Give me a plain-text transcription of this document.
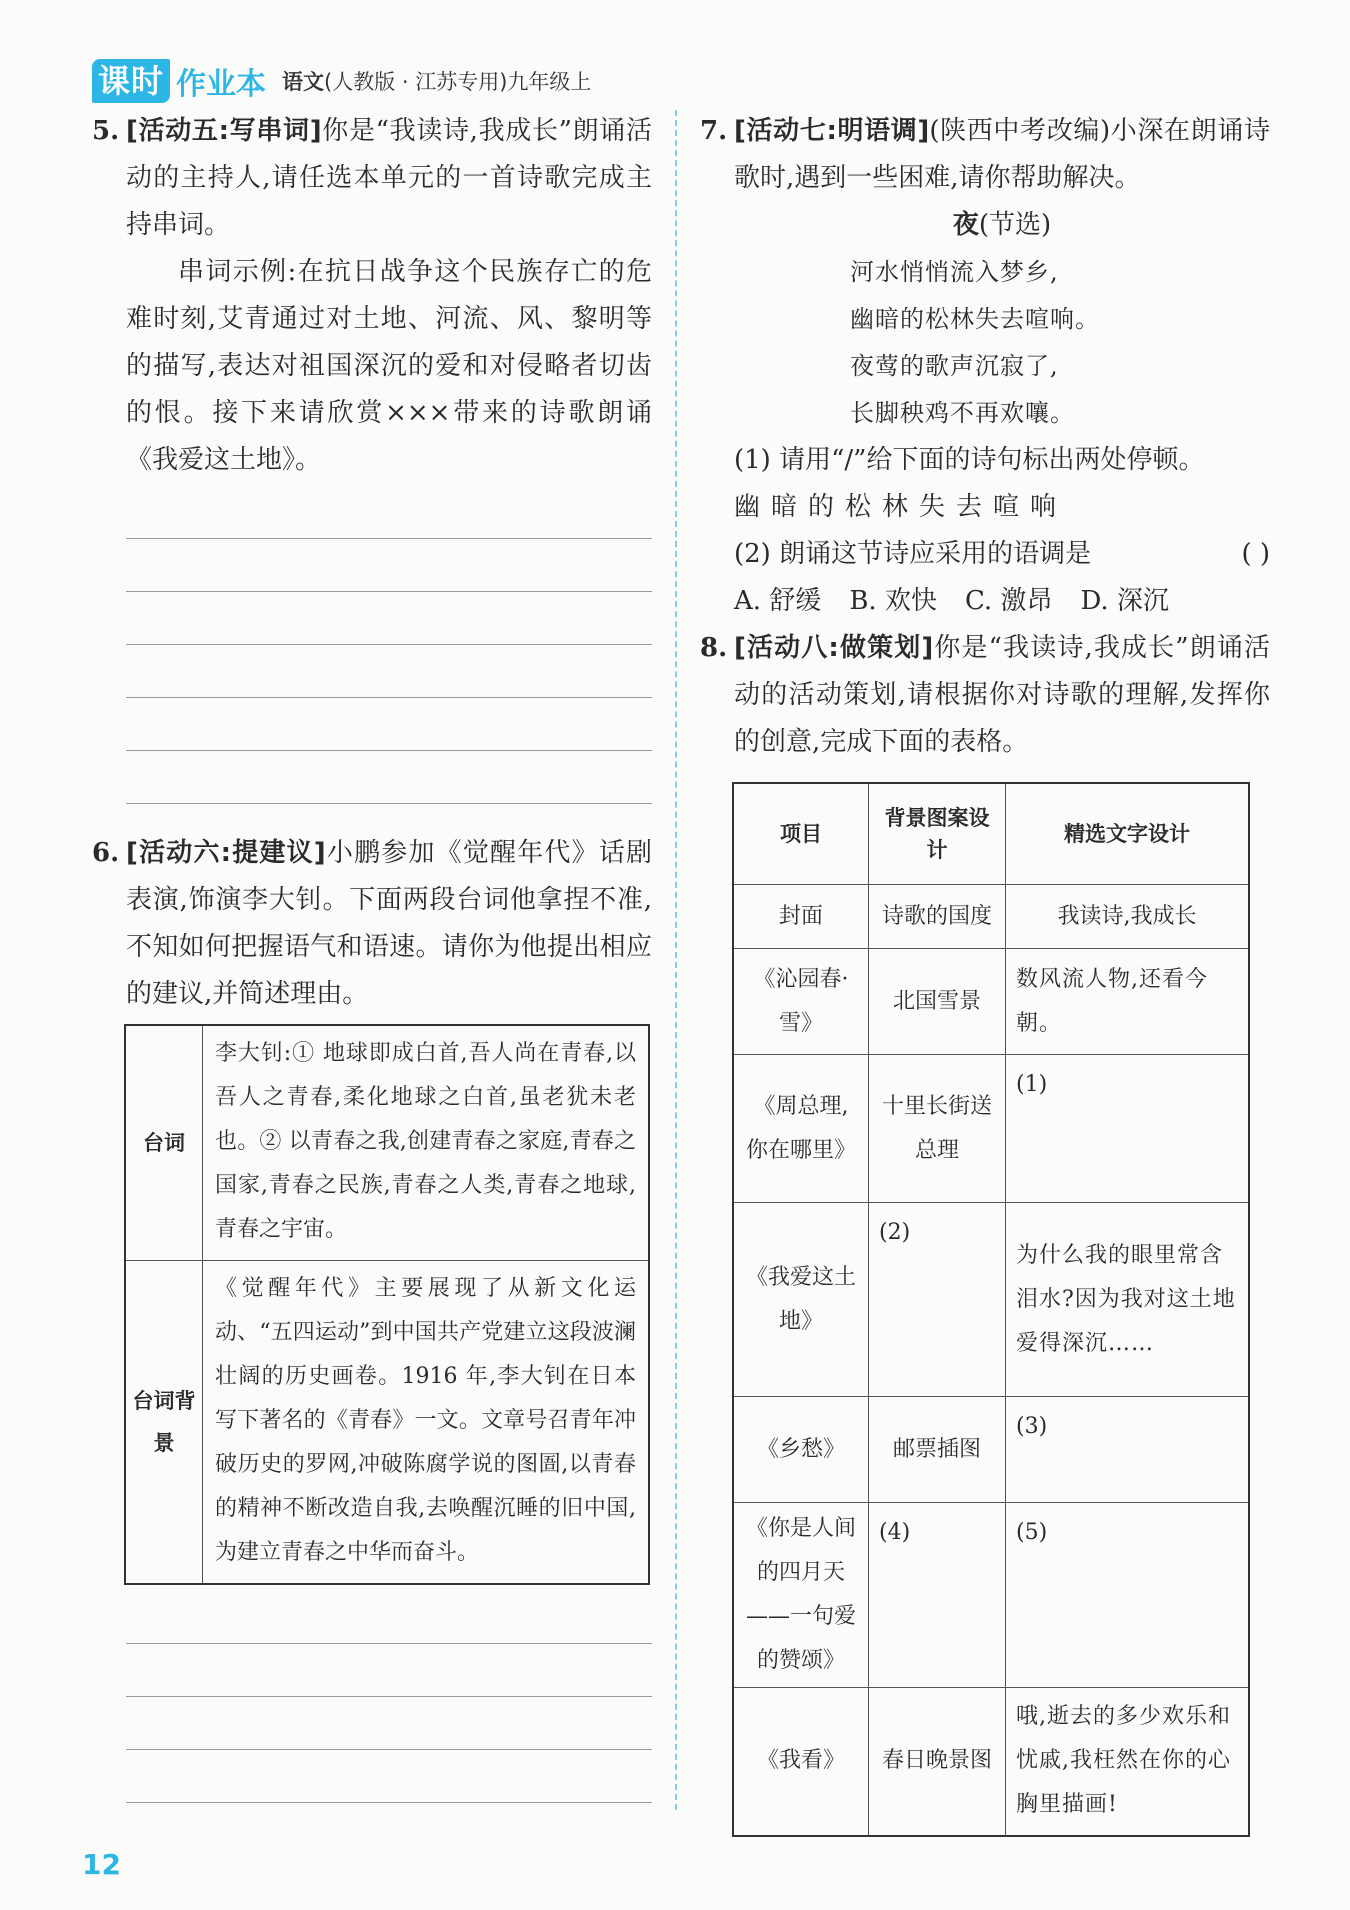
课时 作业本 语文(人教版 · 江苏专用)九年级上
5. [活动五:写串词]你是“我读诗,我成长”朗诵活动的主持人,请任选本单元的一首诗歌完成主持串词。
串词示例:在抗日战争这个民族存亡的危难时刻,艾青通过对土地、河流、风、黎明等的描写,表达对祖国深沉的爱和对侵略者切齿的恨。接下来请欣赏×××带来的诗歌朗诵《我爱这土地》。
6. [活动六:提建议]小鹏参加《觉醒年代》话剧表演,饰演李大钊。下面两段台词他拿捏不准,不知如何把握语气和语速。请你为他提出相应的建议,并简述理由。
台词	李大钊:① 地球即成白首,吾人尚在青春,以吾人之青春,柔化地球之白首,虽老犹未老也。② 以青春之我,创建青春之家庭,青春之国家,青春之民族,青春之人类,青春之地球,青春之宇宙。
台词背景	《觉醒年代》主要展现了从新文化运动、“五四运动”到中国共产党建立这段波澜壮阔的历史画卷。1916 年,李大钊在日本写下著名的《青春》一文。文章号召青年冲破历史的罗网,冲破陈腐学说的图圄,以青春的精神不断改造自我,去唤醒沉睡的旧中国,为建立青春之中华而奋斗。
7. [活动七:明语调](陕西中考改编)小深在朗诵诗歌时,遇到一些困难,请你帮助解决。
夜(节选)
河水悄悄流入梦乡,
幽暗的松林失去喧响。
夜莺的歌声沉寂了,
长脚秧鸡不再欢嚷。
(1) 请用“/”给下面的诗句标出两处停顿。
幽暗的松林失去喧响
(2) 朗诵这节诗应采用的语调是	( )
A. 舒缓 B. 欢快 C. 激昂 D. 深沉
8. [活动八:做策划]你是“我读诗,我成长”朗诵活动的活动策划,请根据你对诗歌的理解,发挥你的创意,完成下面的表格。
项目	背景图案设计	精选文字设计
封面	诗歌的国度	我读诗,我成长
《沁园春·雪》	北国雪景	数风流人物,还看今朝。
《周总理,你在哪里》	十里长街送总理	(1)
《我爱这土地》	(2)	为什么我的眼里常含泪水?因为我对这土地爱得深沉……
《乡愁》	邮票插图	(3)
《你是人间的四月天——一句爱的赞颂》	(4)	(5)
《我看》	春日晚景图	哦,逝去的多少欢乐和忧戚,我枉然在你的心胸里描画!
12
